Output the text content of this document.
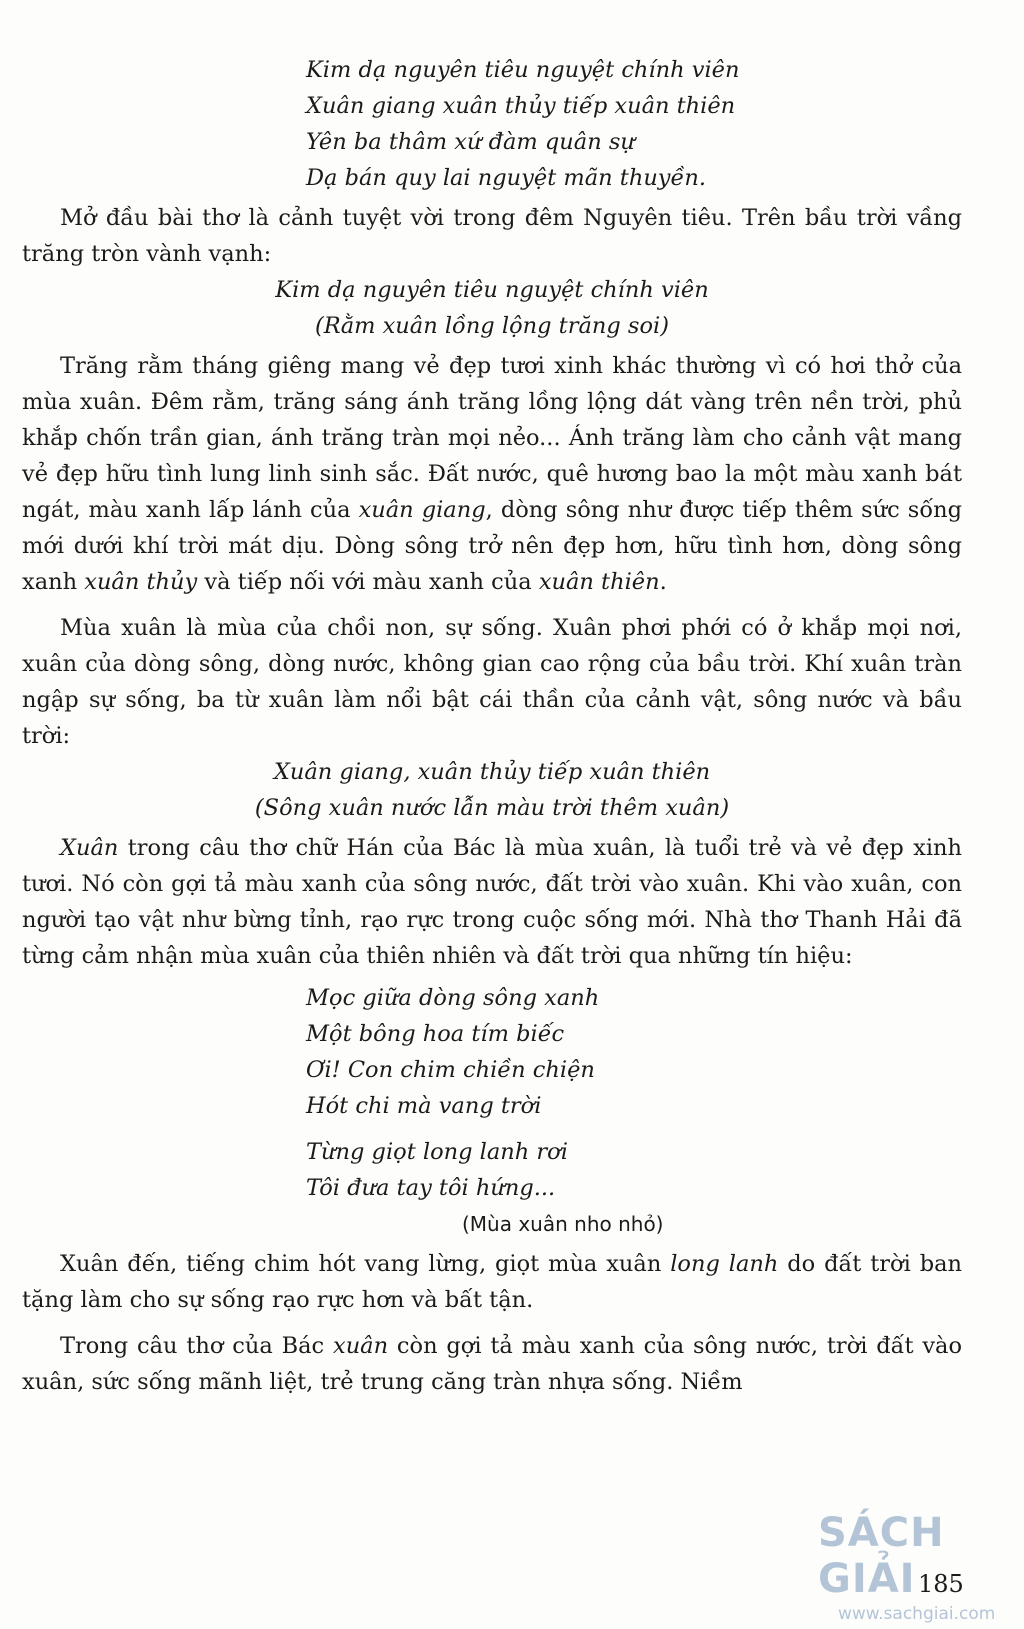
Kim dạ nguyên tiêu nguyệt chính viên
Xuân giang xuân thủy tiếp xuân thiên
Yên ba thâm xứ đàm quân sự
Dạ bán quy lai nguyệt mãn thuyền.

Mở đầu bài thơ là cảnh tuyệt vời trong đêm Nguyên tiêu. Trên bầu trời vầng trăng tròn vành vạnh:

Kim dạ nguyên tiêu nguyệt chính viên
(Rằm xuân lồng lộng trăng soi)

Trăng rằm tháng giêng mang vẻ đẹp tươi xinh khác thường vì có hơi thở của mùa xuân. Đêm rằm, trăng sáng ánh trăng lồng lộng dát vàng trên nền trời, phủ khắp chốn trần gian, ánh trăng tràn mọi nẻo... Ánh trăng làm cho cảnh vật mang vẻ đẹp hữu tình lung linh sinh sắc. Đất nước, quê hương bao la một màu xanh bát ngát, màu xanh lấp lánh của xuân giang, dòng sông như được tiếp thêm sức sống mới dưới khí trời mát dịu. Dòng sông trở nên đẹp hơn, hữu tình hơn, dòng sông xanh xuân thủy và tiếp nối với màu xanh của xuân thiên.

Mùa xuân là mùa của chồi non, sự sống. Xuân phơi phới có ở khắp mọi nơi, xuân của dòng sông, dòng nước, không gian cao rộng của bầu trời. Khí xuân tràn ngập sự sống, ba từ xuân làm nổi bật cái thần của cảnh vật, sông nước và bầu trời:

Xuân giang, xuân thủy tiếp xuân thiên
(Sông xuân nước lẫn màu trời thêm xuân)

Xuân trong câu thơ chữ Hán của Bác là mùa xuân, là tuổi trẻ và vẻ đẹp xinh tươi. Nó còn gợi tả màu xanh của sông nước, đất trời vào xuân. Khi vào xuân, con người tạo vật như bừng tỉnh, rạo rực trong cuộc sống mới. Nhà thơ Thanh Hải đã từng cảm nhận mùa xuân của thiên nhiên và đất trời qua những tín hiệu:

Mọc giữa dòng sông xanh
Một bông hoa tím biếc
Ơi! Con chim chiền chiện
Hót chi mà vang trời
Từng giọt long lanh rơi
Tôi đưa tay tôi hứng...
(Mùa xuân nho nhỏ)

Xuân đến, tiếng chim hót vang lừng, giọt mùa xuân long lanh do đất trời ban tặng làm cho sự sống rạo rực hơn và bất tận.

Trong câu thơ của Bác xuân còn gợi tả màu xanh của sông nước, trời đất vào xuân, sức sống mãnh liệt, trẻ trung căng tràn nhựa sống. Niềm

SÁCH GIẢI
www.sachgiai.com
185
